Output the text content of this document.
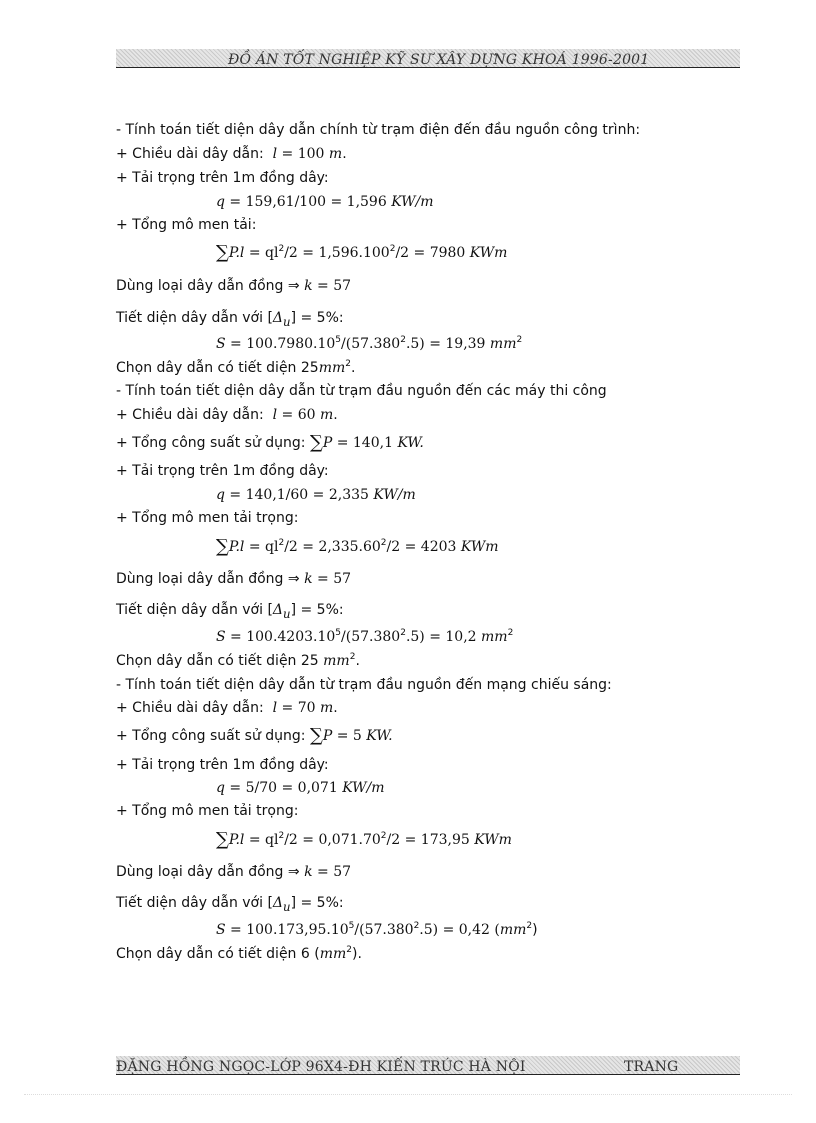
ĐỒ ÁN TỐT NGHIỆP KỸ SƯ XÂY DỰNG KHOÁ 1996-2001
- Tính toán tiết diện dây dẫn chính từ trạm điện đến đầu nguồn công trình:
+ Chiều dài dây dẫn: l = 100 m.
+ Tải trọng trên 1m đồng dây:
q = 159,61/100 = 1,596 KW/m
+ Tổng mô men tải:
$\sum P.l = ql^2/2 = 1,596.100^2/2 = 7980$ KWm
Dùng loại dây dẫn đồng ⇒ k = 57
Tiết diện dây dẫn với $[\Delta_u] = 5\%$:
$S = 100.7980.10^5/(57.380^2.5) = 19,39$ $mm^2$
Chọn dây dẫn có tiết diện $25mm^2$.
- Tính toán tiết diện dây dẫn từ trạm đầu nguồn đến các máy thi công
+ Chiều dài dây dẫn: l = 60 m.
+ Tổng công suất sử dụng: ∑P = 140,1 KW.
+ Tải trọng trên 1m đồng dây:
q = 140,1/60 = 2,335 KW/m
+ Tổng mô men tải trọng:
$\sum P.l = ql^2/2 = 2,335.60^2/2 = 4203$ KWm
Dùng loại dây dẫn đồng ⇒ k = 57
Tiết diện dây dẫn với $[\Delta_u] = 5\%$:
$S = 100.4203.10^5/(57.380^2.5) = 10,2$ $mm^2$
Chọn dây dẫn có tiết diện 25 $mm^2$.
- Tính toán tiết diện dây dẫn từ trạm đầu nguồn đến mạng chiếu sáng:
+ Chiều dài dây dẫn: l = 70 m.
+ Tổng công suất sử dụng: ∑P = 5 KW.
+ Tải trọng trên 1m đồng dây:
q = 5/70 = 0,071 KW/m
+ Tổng mô men tải trọng:
$\sum P.l = ql^2/2 = 0,071.70^2/2 = 173,95$ KWm
Dùng loại dây dẫn đồng ⇒ k = 57
Tiết diện dây dẫn với $[\Delta_u] = 5\%$:
$S = 100.173,95.10^5/(57.380^2.5) = 0,42$ $(mm^2)$
Chọn dây dẫn có tiết diện 6 $(mm^2)$.
ĐẶNG HỒNG NGỌC-LỚP 96X4-ĐH KIẾN TRÚC HÀ NỘI	TRANG
